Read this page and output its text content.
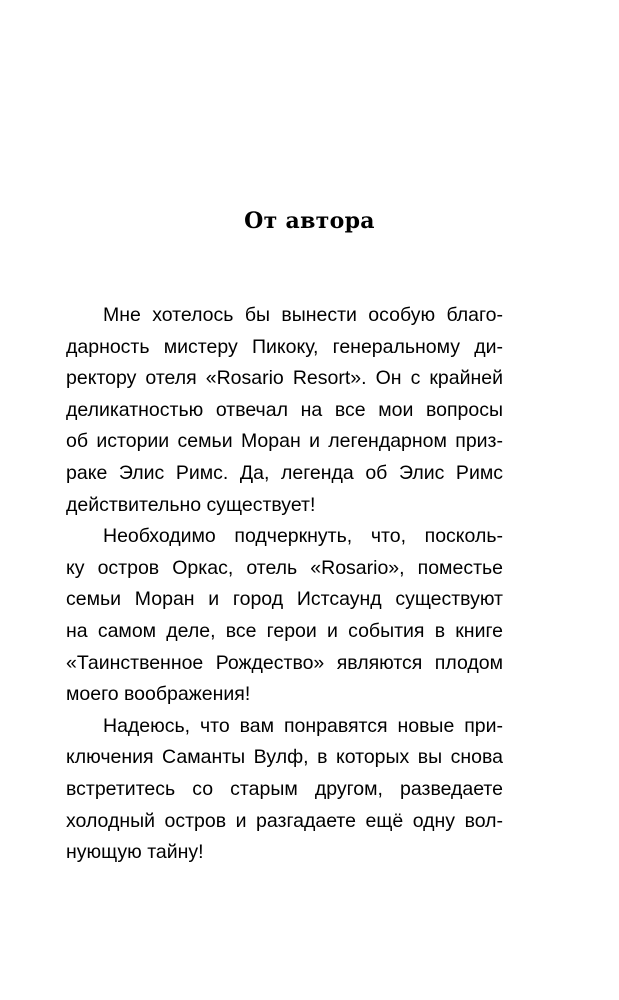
От автора

Мне хотелось бы вынести особую благо-
дарность мистеру Пикоку, генеральному ди-
ректору отеля «Rosario Resort». Он с крайней
деликатностью отвечал на все мои вопросы
об истории семьи Моран и легендарном приз-
раке Элис Римс. Да, легенда об Элис Римс
действительно существует!

Необходимо подчеркнуть, что, посколь-
ку остров Оркас, отель «Rosario», поместье
семьи Моран и город Истсаунд существуют
на самом деле, все герои и события в книге
«Таинственное Рождество» являются плодом
моего воображения!

Надеюсь, что вам понравятся новые при-
ключения Саманты Вулф, в которых вы снова
встретитесь со старым другом, разведаете
холодный остров и разгадаете ещё одну вол-
нующую тайну!
